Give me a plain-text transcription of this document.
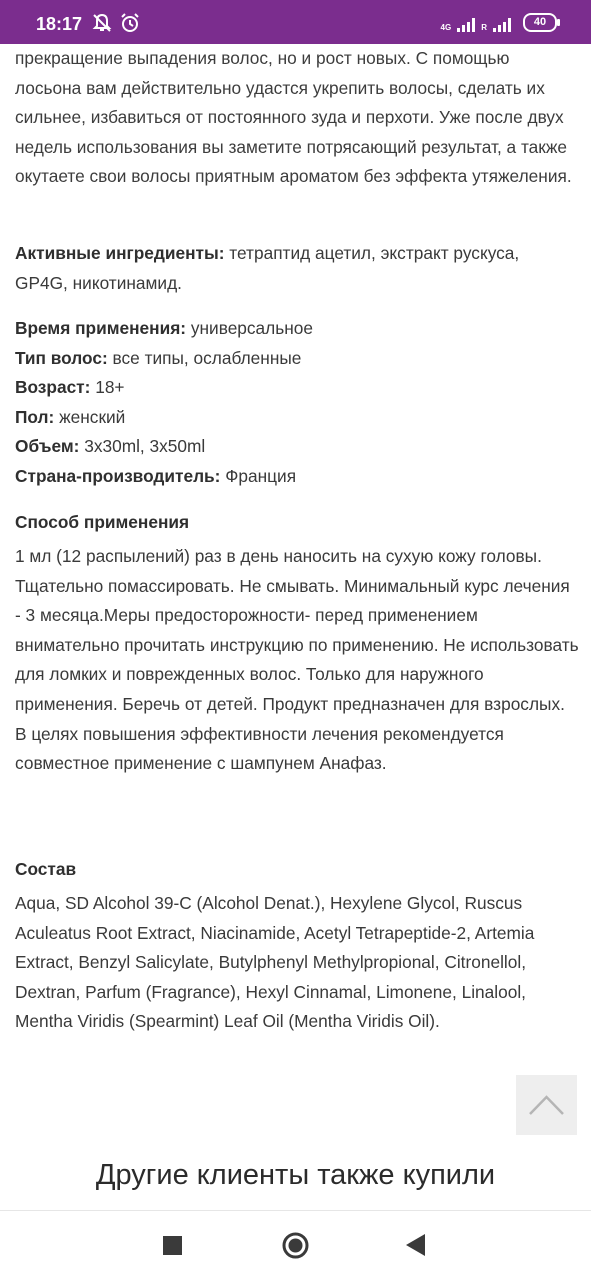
18:17	4G	R	40

прекращение выпадения волос, но и рост новых. С помощью лосьона вам действительно удастся укрепить волосы, сделать их сильнее, избавиться от постоянного зуда и перхоти. Уже после двух недель использования вы заметите потрясающий результат, а также окутаете свои волосы приятным ароматом без эффекта утяжеления.

Активные ингредиенты: тетраптид ацетил, экстракт рускуса, GP4G, никотинамид.
Время применения: универсальное
Тип волос: все типы, ослабленные
Возраст: 18+
Пол: женский
Объем: 3x30ml, 3x50ml
Страна-производитель: Франция
Способ применения
1 мл (12 распылений) раз в день наносить на сухую кожу головы. Тщательно помассировать. Не смывать. Минимальный курс лечения - 3 месяца.Меры предосторожности- перед применением внимательно прочитать инструкцию по применению. Не использовать для ломких и поврежденных волос. Только для наружного применения. Беречь от детей. Продукт предназначен для взрослых. В целях повышения эффективности лечения рекомендуется совместное применение с шампунем Анафаз.
Состав
Aqua, SD Alcohol 39-C (Alcohol Denat.), Hexylene Glycol, Ruscus Aculeatus Root Extract, Niacinamide, Acetyl Tetrapeptide-2, Artemia Extract, Benzyl Salicylate, Butylphenyl Methylpropional, Citronellol, Dextran, Parfum (Fragrance), Hexyl Cinnamal, Limonene, Linalool, Mentha Viridis (Spearmint) Leaf Oil (Mentha Viridis Oil).
Другие клиенты также купили
